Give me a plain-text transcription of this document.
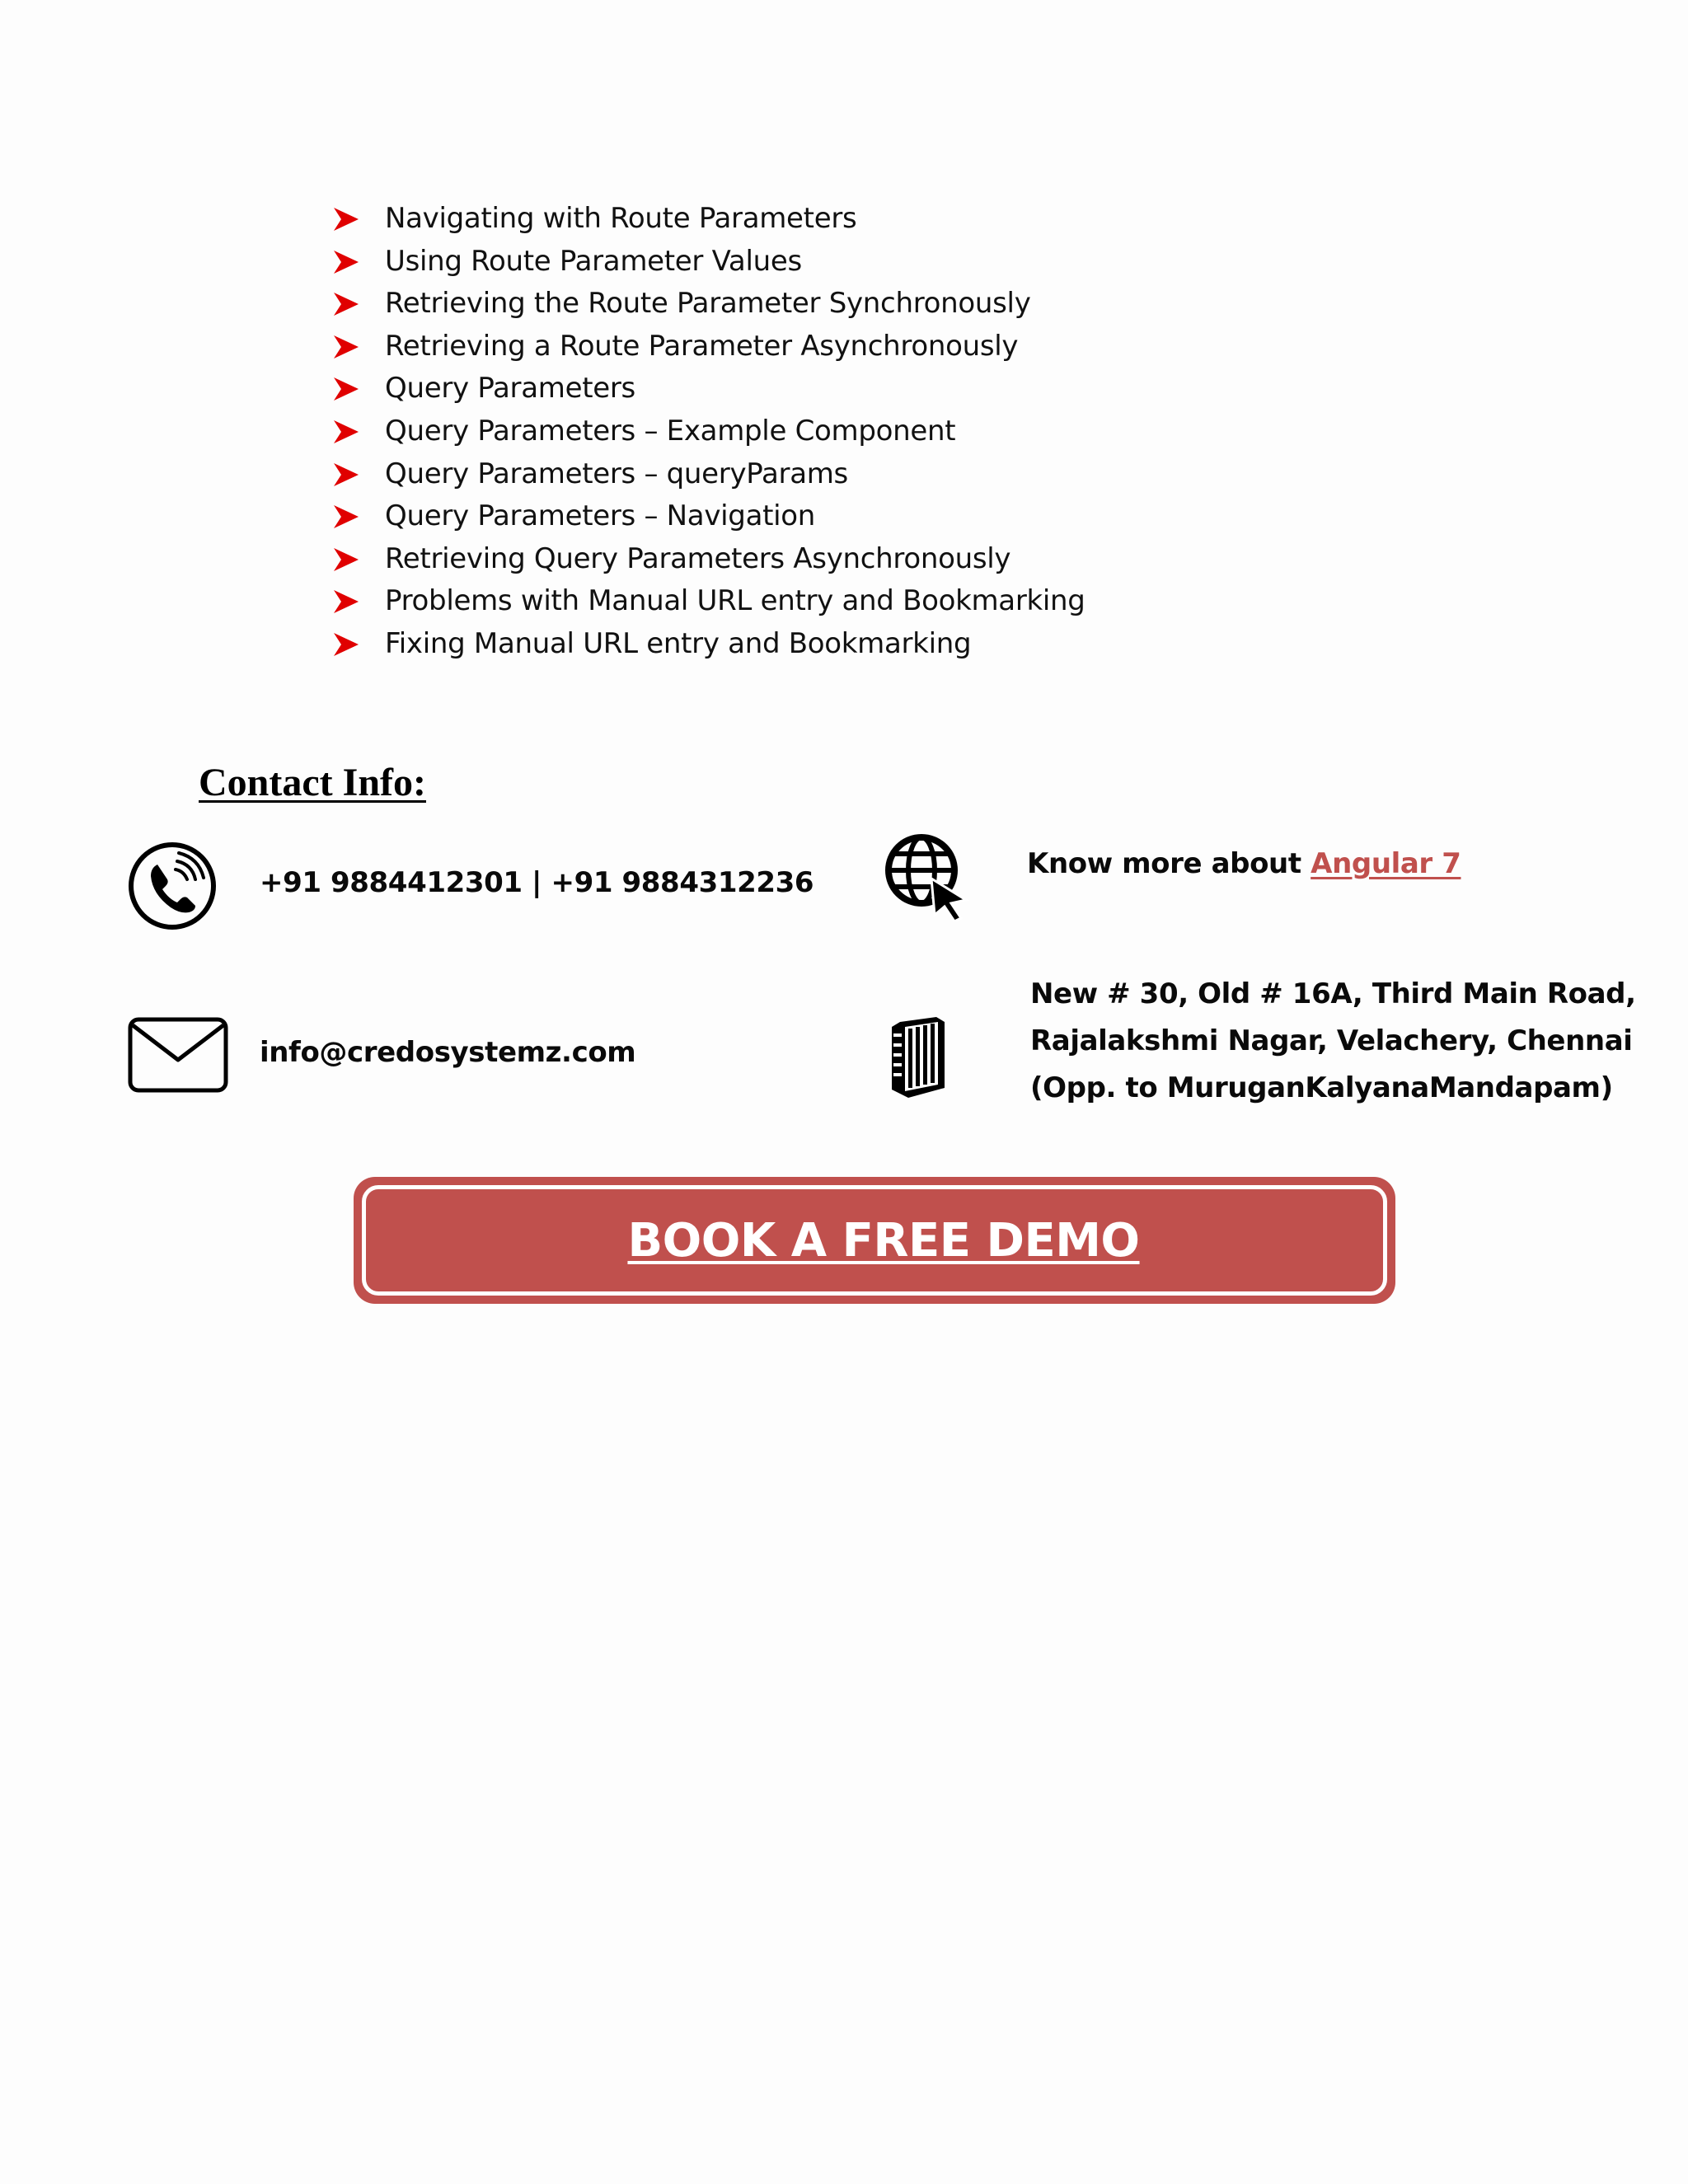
Navigating with Route Parameters
Using Route Parameter Values
Retrieving the Route Parameter Synchronously
Retrieving a Route Parameter Asynchronously
Query Parameters
Query Parameters – Example Component
Query Parameters – queryParams
Query Parameters – Navigation
Retrieving Query Parameters Asynchronously
Problems with Manual URL entry and Bookmarking
Fixing Manual URL entry and Bookmarking
Contact Info:
+91 9884412301 | +91 9884312236
Know more about Angular 7
info@credosystemz.com
New # 30, Old # 16A, Third Main Road,
Rajalakshmi Nagar, Velachery, Chennai
(Opp. to MuruganKalyanaMandapam)
BOOK A FREE DEMO
